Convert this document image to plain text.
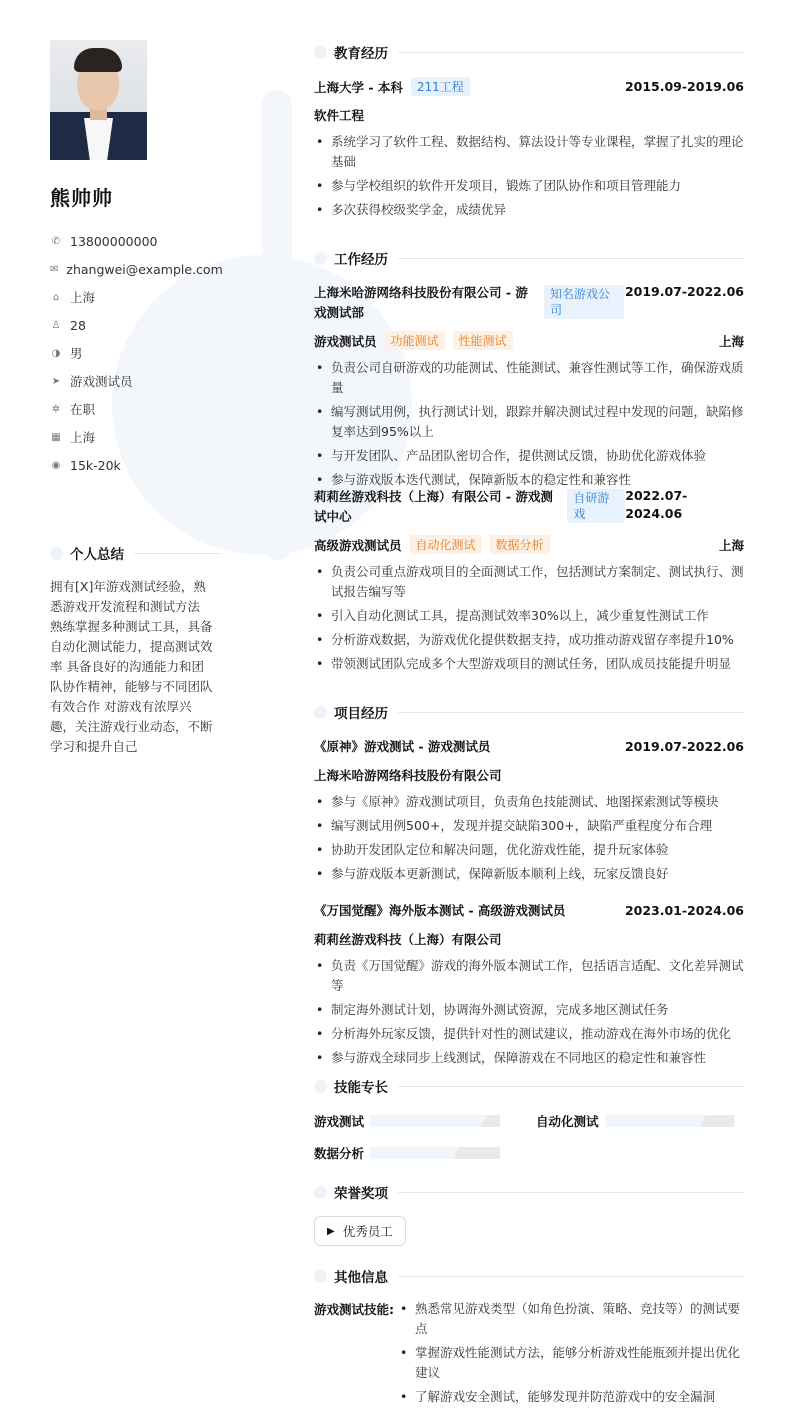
熊帅帅
✆ 13800000000
✉ zhangwei@example.com
⌂ 上海
♙ 28
◑ 男
➤ 游戏测试员
✲ 在职
▦ 上海
◉ 15k-20k
个人总结
拥有[X]年游戏测试经验，熟悉游戏开发流程和测试方法 熟练掌握多种测试工具，具备自动化测试能力，提高测试效率 具备良好的沟通能力和团队协作精神，能够与不同团队有效合作 对游戏有浓厚兴趣，关注游戏行业动态，不断学习和提升自己
教育经历
上海大学 - 本科	211工程	2015.09-2019.06
软件工程
• 系统学习了软件工程、数据结构、算法设计等专业课程，掌握了扎实的理论基础
• 参与学校组织的软件开发项目，锻炼了团队协作和项目管理能力
• 多次获得校级奖学金，成绩优异
工作经历
上海米哈游网络科技股份有限公司 - 游戏测试部
知名游戏公司
2019.07-2022.06
游戏测试员	功能测试	性能测试	上海
• 负责公司自研游戏的功能测试、性能测试、兼容性测试等工作，确保游戏质量
• 编写测试用例，执行测试计划，跟踪并解决测试过程中发现的问题，缺陷修复率达到95%以上
• 与开发团队、产品团队密切合作，提供测试反馈，协助优化游戏体验
• 参与游戏版本迭代测试，保障新版本的稳定性和兼容性
莉莉丝游戏科技（上海）有限公司 - 游戏测试中心
自研游戏
2022.07-2024.06
高级游戏测试员	自动化测试	数据分析	上海
• 负责公司重点游戏项目的全面测试工作，包括测试方案制定、测试执行、测试报告编写等
• 引入自动化测试工具，提高测试效率30%以上，减少重复性测试工作
• 分析游戏数据，为游戏优化提供数据支持，成功推动游戏留存率提升10%
• 带领测试团队完成多个大型游戏项目的测试任务，团队成员技能提升明显
项目经历
《原神》游戏测试 - 游戏测试员	2019.07-2022.06
上海米哈游网络科技股份有限公司
• 参与《原神》游戏测试项目，负责角色技能测试、地图探索测试等模块
• 编写测试用例500+，发现并提交缺陷300+，缺陷严重程度分布合理
• 协助开发团队定位和解决问题，优化游戏性能，提升玩家体验
• 参与游戏版本更新测试，保障新版本顺利上线，玩家反馈良好
《万国觉醒》海外版本测试 - 高级游戏测试员	2023.01-2024.06
莉莉丝游戏科技（上海）有限公司
• 负责《万国觉醒》游戏的海外版本测试工作，包括语言适配、文化差异测试等
• 制定海外测试计划，协调海外测试资源，完成多地区测试任务
• 分析海外玩家反馈，提供针对性的测试建议，推动游戏在海外市场的优化
• 参与游戏全球同步上线测试，保障游戏在不同地区的稳定性和兼容性
技能专长
游戏测试	自动化测试
数据分析
荣誉奖项
▶ 优秀员工
其他信息
游戏测试技能:
•	熟悉常见游戏类型（如角色扮演、策略、竞技等）的测试要点
• 掌握游戏性能测试方法，能够分析游戏性能瓶颈并提出优化建议
• 了解游戏安全测试，能够发现并防范游戏中的安全漏洞
